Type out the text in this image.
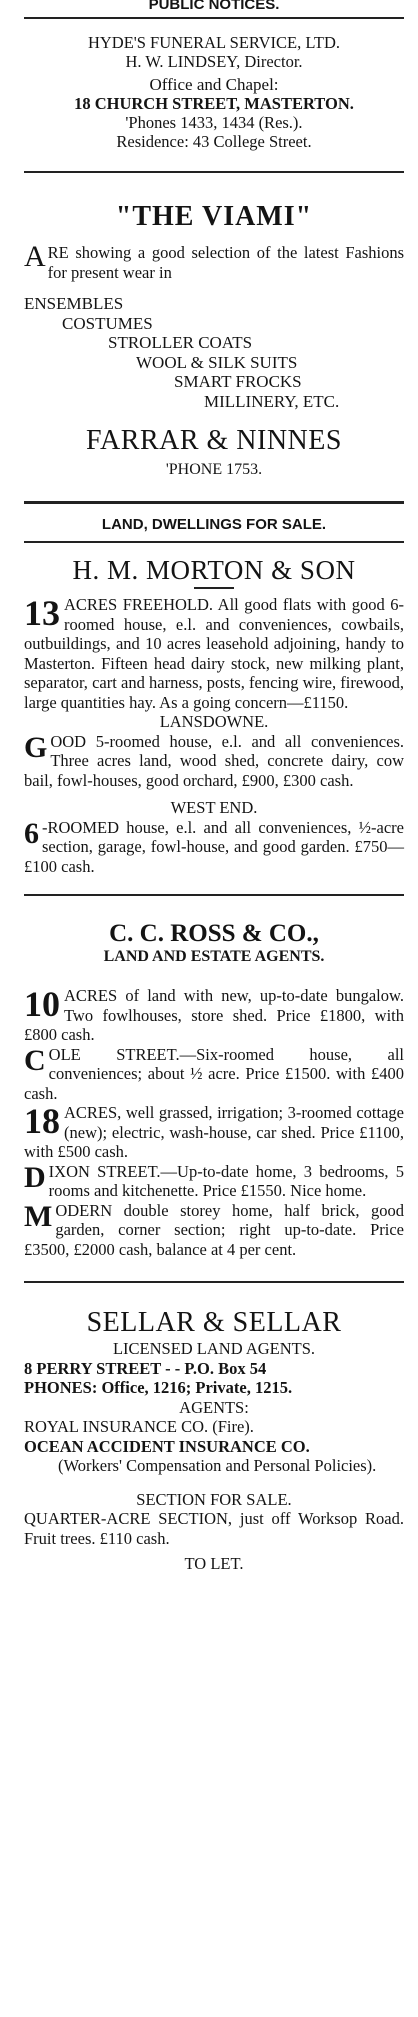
PUBLIC NOTICES.
HYDE'S FUNERAL SERVICE, LTD.
H. W. LINDSEY, Director.
Office and Chapel:
18 CHURCH STREET, MASTERTON.
'Phones 1433, 1434 (Res.).
Residence: 43 College Street.
"THE VIAMI"
ARE showing a good selection of the latest Fashions for present wear in
ENSEMBLES
COSTUMES
STROLLER COATS
WOOL & SILK SUITS
SMART FROCKS
MILLINERY, ETC.
FARRAR & NINNES
'PHONE 1753.
LAND, DWELLINGS FOR SALE.
H. M. MORTON & SON
13 ACRES FREEHOLD. All good flats with good 6-roomed house, e.l. and conveniences, cowbails, outbuildings, and 10 acres leasehold adjoining, handy to Masterton. Fifteen head dairy stock, new milking plant, separator, cart and harness, posts, fencing wire, firewood, large quantities hay. As a going concern—£1150.
LANSDOWNE.
GOOD 5-roomed house, e.l. and all conveniences. Three acres land, wood shed, concrete dairy, cow bail, fowl-houses, good orchard, £900, £300 cash.
WEST END.
6 -ROOMED house, e.l. and all conveniences, ½-acre section, garage, fowl-house, and good garden. £750—£100 cash.
C. C. ROSS & CO.,
LAND AND ESTATE AGENTS.
10 ACRES of land with new, up-to-date bungalow. Two fowlhouses, store shed. Price £1800, with £800 cash.
COLE STREET.—Six-roomed house, all conveniences; about ½ acre. Price £1500. with £400 cash.
18 ACRES, well grassed, irrigation; 3-roomed cottage (new); electric, wash-house, car shed. Price £1100, with £500 cash.
DIXON STREET.—Up-to-date home, 3 bedrooms, 5 rooms and kitchenette. Price £1550. Nice home.
MODERN double storey home, half brick, good garden, corner section; right up-to-date. Price £3500, £2000 cash, balance at 4 per cent.
SELLAR & SELLAR
LICENSED LAND AGENTS.
8 PERRY STREET - - P.O. Box 54
PHONES: Office, 1216; Private, 1215.
AGENTS:
ROYAL INSURANCE CO. (Fire).
OCEAN ACCIDENT INSURANCE CO.
(Workers' Compensation and Personal Policies).
SECTION FOR SALE.
QUARTER-ACRE SECTION, just off Worksop Road. Fruit trees. £110 cash.
TO LET.
